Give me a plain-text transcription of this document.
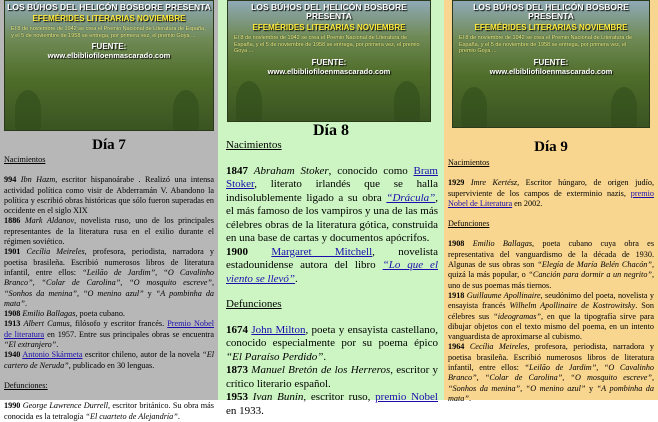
LOS BÚHOS DEL HELICÓN BOSBORE PRESENTA
EFEMÉRIDES LITERARIAS NOVIEMBRE
El 8 de noviembre de 1942 se crea el Premio Nacional de Literatura de España, y el 5 de noviembre de 1958 se entrega, por primera vez, el premio Goya ...
FUENTE:
www.elbibliofiloenmascarado.com
Día 7

Nacimientos

994 Ibn Hazm, escritor hispanoárabe . Realizó una intensa actividad política como visir de Abderramán V. Abandono la política y escribió obras históricas que sólo fueron superadas en occidente en el siglo XIX

1886 Mark Aldanov, novelista ruso, uno de los principales representantes de la literatura rusa en el exilio durante el régimen soviético.

1901 Cecília Meireles, profesora, periodista, narradora y poetisa brasileña. Escribió numerosos libros de literatura infantil, entre ellos: “Leilão de Jardim”, “O Cavalinho Branco”, “Colar de Carolina”, “O mosquito escreve”, “Sonhos da menina”, “O menino azul” y “A pombinha da mata”.

1908 Emilio Ballagas, poeta cubano.

1913 Albert Camus, filósofo y escritor francés. Premio Nobel de literatura en 1957. Entre sus principales obras se encuentra “El extranjero”.

1940 Antonio Skármeta escritor chileno, autor de la novela “El cartero de Neruda”, publicado en 30 lenguas.

Defunciones:

1990 George Lawrence Durrell, escritor británico. Su obra más conocida es la tetralogía “El cuarteto de Alejandría”.

LOS BÚHOS DEL HELICÓN BOSBORE PRESENTA
EFEMÉRIDES LITERARIAS NOVIEMBRE
El 8 de noviembre de 1942 se crea el Premio Nacional de Literatura de España, y el 5 de noviembre de 1958 se entrega, por primera vez, el premio Goya ...
FUENTE:
www.elbibliofiloenmascarado.com
Día 8

Nacimientos

1847 Abraham Stoker, conocido como Bram Stoker, literato irlandés que se halla indisolublemente ligado a su obra “Drácula”, el más famoso de los vampiros y una de las más célebres obras de la literatura gótica, construida en una base de cartas y documentos apócrifos.

1900 Margaret Mitchell, novelista estadounidense autora del libro “Lo que el viento se llevó”.

Defunciones

1674 John Milton, poeta y ensayista castellano, conocido especialmente por su poema épico “El Paraíso Perdido”.

1873 Manuel Bretón de los Herreros, escritor y crítico literario español.

1953 Ivan Bunin, escritor ruso, premio Nobel en 1933.

LOS BÚHOS DEL HELICÓN BOSBORE PRESENTA
EFEMÉRIDES LITERARIAS NOVIEMBRE
El 8 de noviembre de 1942 se crea el Premio Nacional de Literatura de España, y el 5 de noviembre de 1958 se entrega, por primera vez, el premio Goya ...
FUENTE:
www.elbibliofiloenmascarado.com
Día 9

Nacimientos

1929 Imre Kertész, Escritor húngaro, de origen judío, superviviente de los campos de exterminio nazis, premio Nobel de Literatura en 2002.

Defunciones

1908 Emilio Ballagas, poeta cubano cuya obra es representativa del vanguardismo de la década de 1930. Algunas de sus obras son “Elegía de María Belén Chacón”, quizá la más popular, o “Canción para dormir a un negrito”, uno de sus poemas más tiernos.

1918 Guillaume Apollinaire, seudónimo del poeta, novelista y ensayista francés Wilhelm Apollinaire de Kostrowitsky. Son célebres sus “ideogramas”, en que la tipografía sirve para dibujar objetos con el texto mismo del poema, en un intento vanguardista de aproximarse al cubismo.

1964 Cecília Meireles, profesora, periodista, narradora y poetisa brasileña. Escribió numerosos libros de literatura infantil, entre ellos: “Leilão de Jardim”, “O Cavalinho Branco”, “Colar de Carolina”, “O mosquito escreve”, “Sonhos da menina”, “O menino azul” y “A pombinha da mata”.
